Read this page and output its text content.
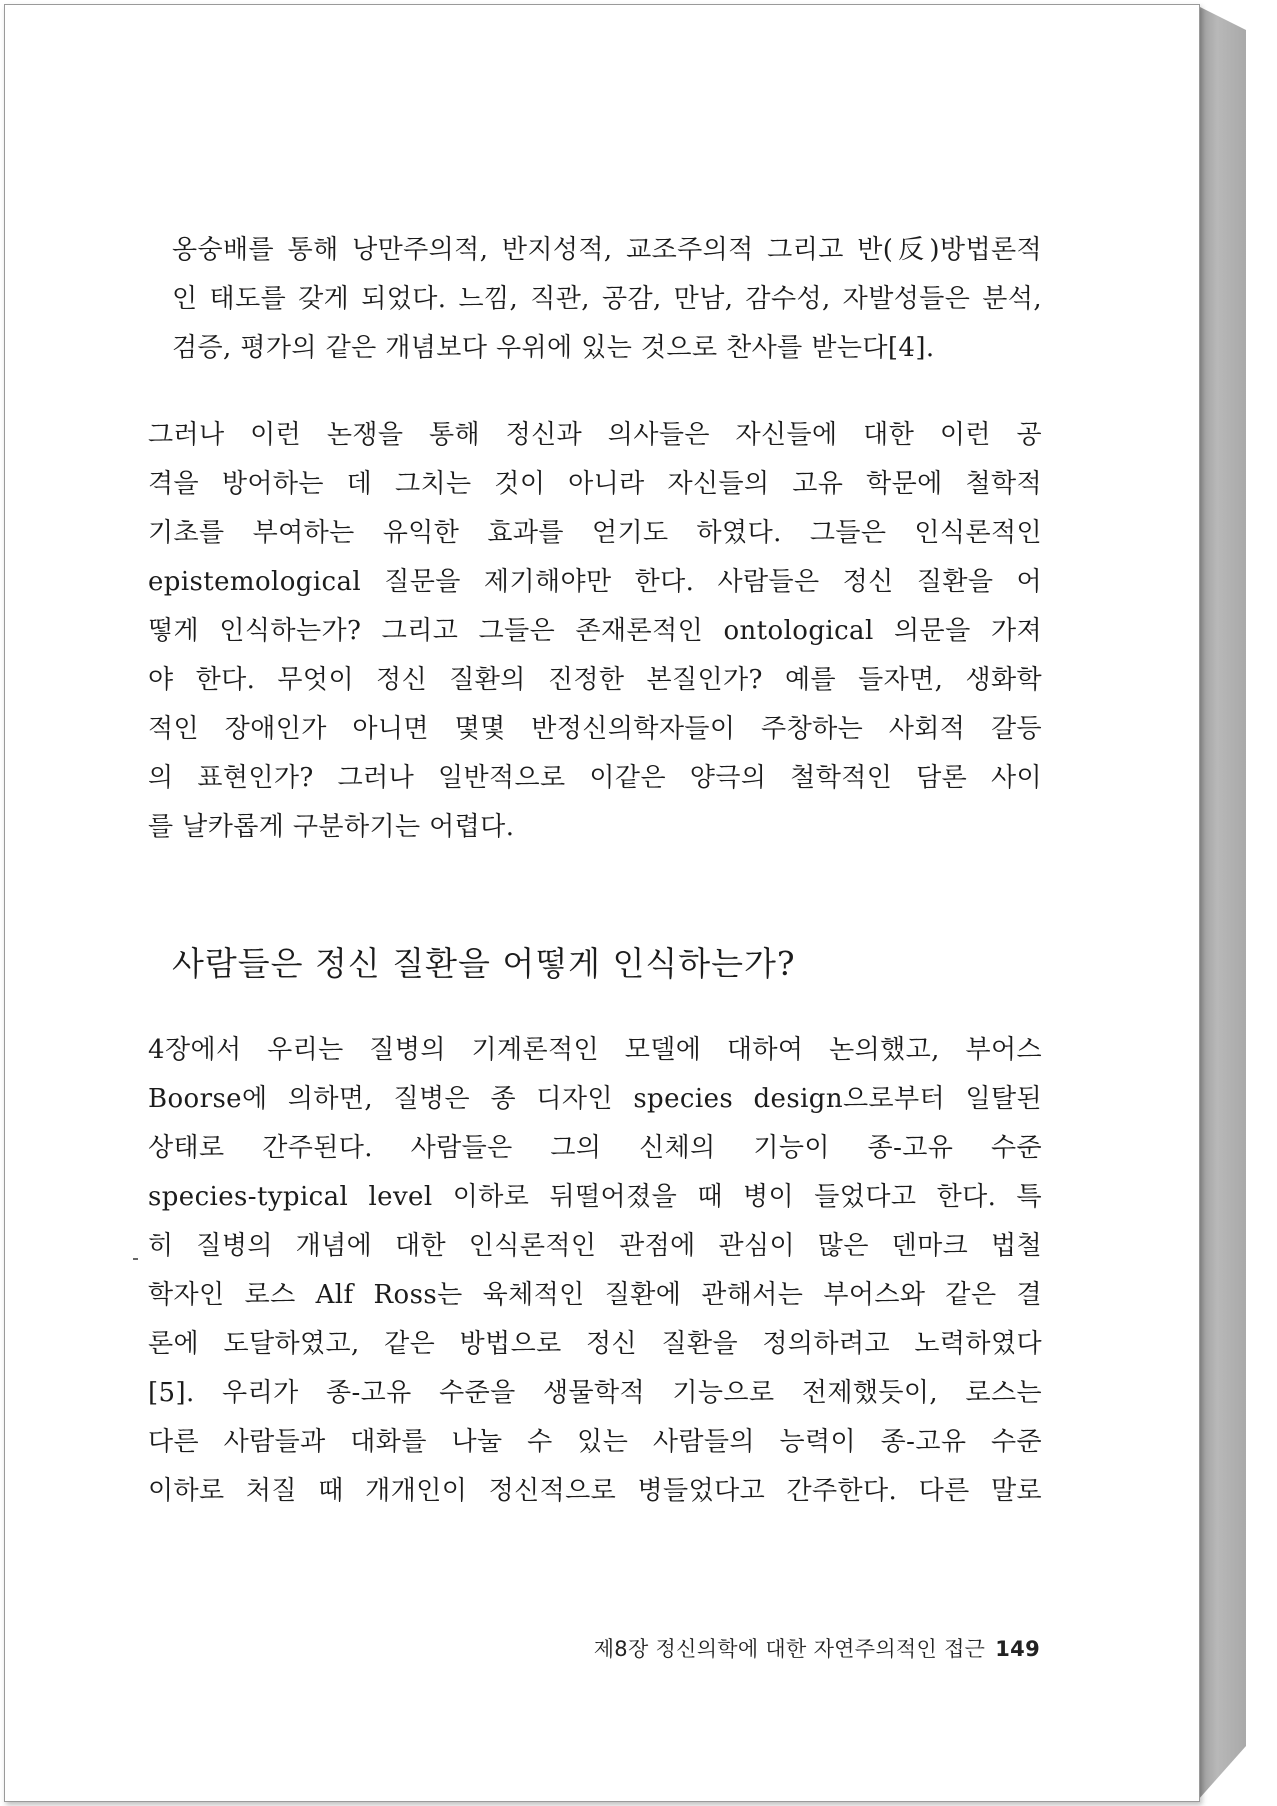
옹숭배를 통해 낭만주의적, 반지성적, 교조주의적 그리고 반(反)방법론적
인 태도를 갖게 되었다. 느낌, 직관, 공감, 만남, 감수성, 자발성들은 분석,
검증, 평가의 같은 개념보다 우위에 있는 것으로 찬사를 받는다[4].

그러나 이런 논쟁을 통해 정신과 의사들은 자신들에 대한 이런 공
격을 방어하는 데 그치는 것이 아니라 자신들의 고유 학문에 철학적
기초를 부여하는 유익한 효과를 얻기도 하였다. 그들은 인식론적인
epistemological 질문을 제기해야만 한다. 사람들은 정신 질환을 어
떻게 인식하는가? 그리고 그들은 존재론적인 ontological 의문을 가져
야 한다. 무엇이 정신 질환의 진정한 본질인가? 예를 들자면, 생화학
적인 장애인가 아니면 몇몇 반정신의학자들이 주창하는 사회적 갈등
의 표현인가? 그러나 일반적으로 이같은 양극의 철학적인 담론 사이
를 날카롭게 구분하기는 어렵다.

사람들은 정신 질환을 어떻게 인식하는가?

4장에서 우리는 질병의 기계론적인 모델에 대하여 논의했고, 부어스
Boorse에 의하면, 질병은 종 디자인 species design으로부터 일탈된
상태로 간주된다. 사람들은 그의 신체의 기능이 종-고유 수준
species-typical level 이하로 뒤떨어졌을 때 병이 들었다고 한다. 특
히 질병의 개념에 대한 인식론적인 관점에 관심이 많은 덴마크 법철
학자인 로스 Alf Ross는 육체적인 질환에 관해서는 부어스와 같은 결
론에 도달하였고, 같은 방법으로 정신 질환을 정의하려고 노력하였다
[5]. 우리가 종-고유 수준을 생물학적 기능으로 전제했듯이, 로스는
다른 사람들과 대화를 나눌 수 있는 사람들의 능력이 종-고유 수준
이하로 처질 때 개개인이 정신적으로 병들었다고 간주한다. 다른 말로

제8장 정신의학에 대한 자연주의적인 접근 149
